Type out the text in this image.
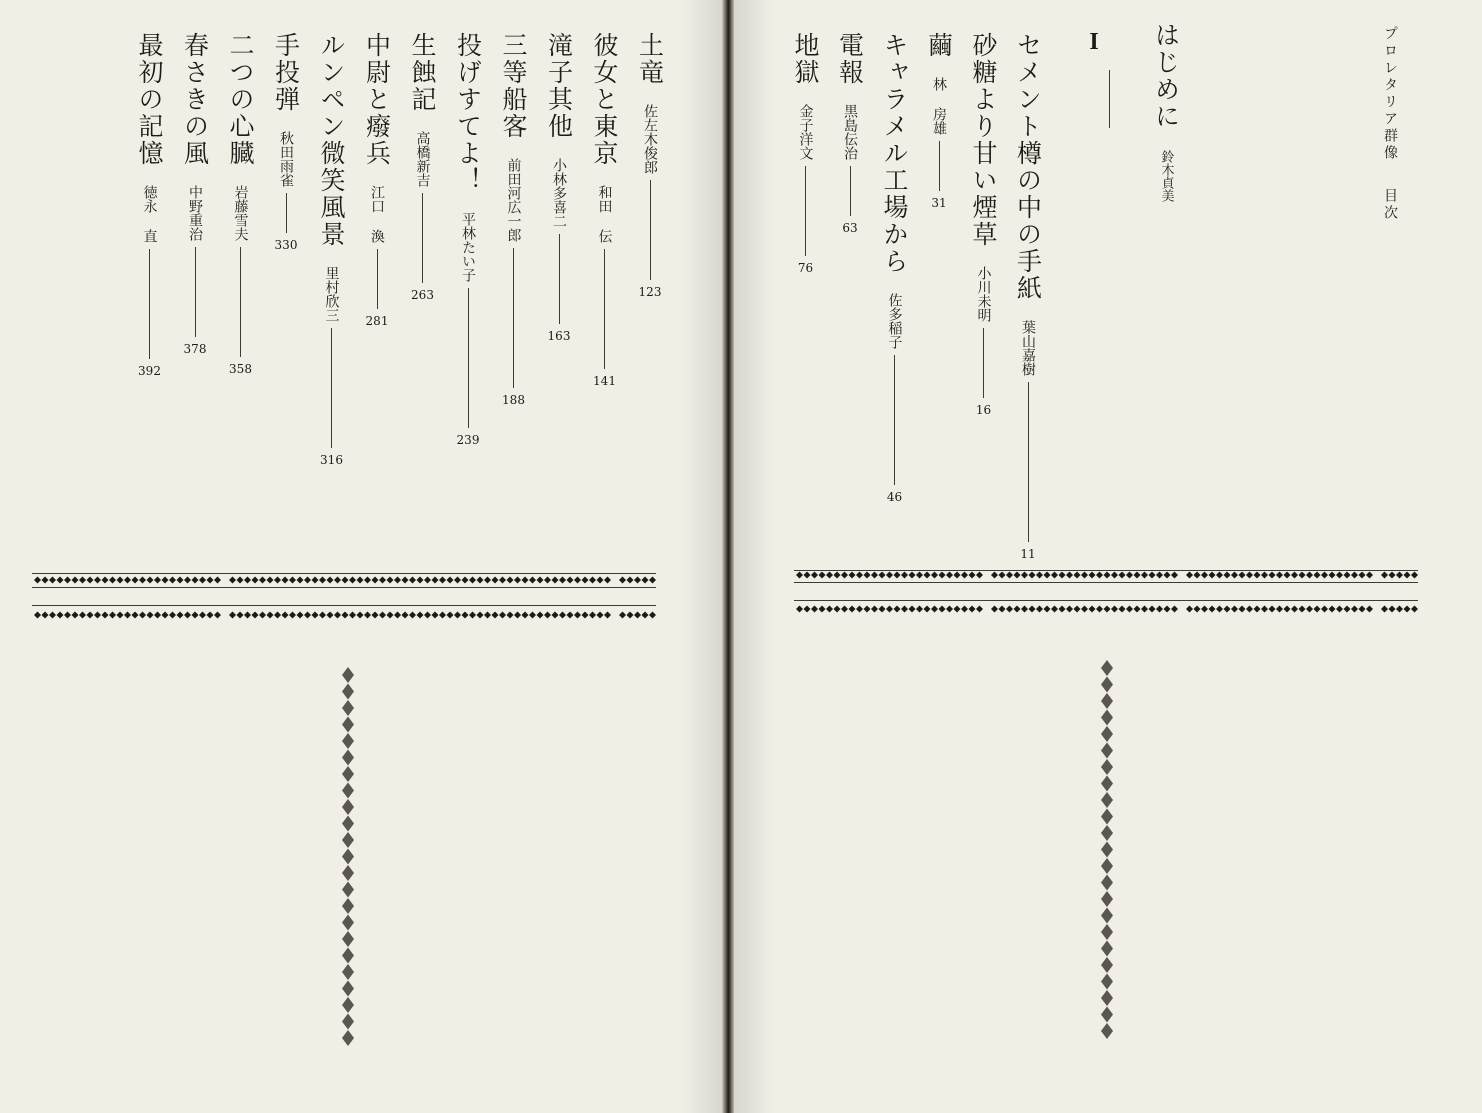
土竜
佐左木俊郎
123
彼女と東京
和田 伝
141
滝子其他
小林多喜二
163
三等船客
前田河広一郎
188
投げすてよ！
平林たい子
239
生蝕記
高橋新吉
263
中尉と癈兵
江口 渙
281
ルンペン微笑風景
里村欣三
316
手投弾
秋田雨雀
330
二つの心臓
岩藤雪夫
358
春さきの風
中野重治
378
最初の記憶
徳永 直
392
プロレタリア群像
目次
はじめに
鈴木貞美
I
セメント樽の中の手紙
葉山嘉樹
11
砂糖より甘い煙草
小川未明
16
繭
林 房雄
31
キャラメル工場から
佐多稲子
46
電報
黒島伝治
63
地獄
金子洋文
76
